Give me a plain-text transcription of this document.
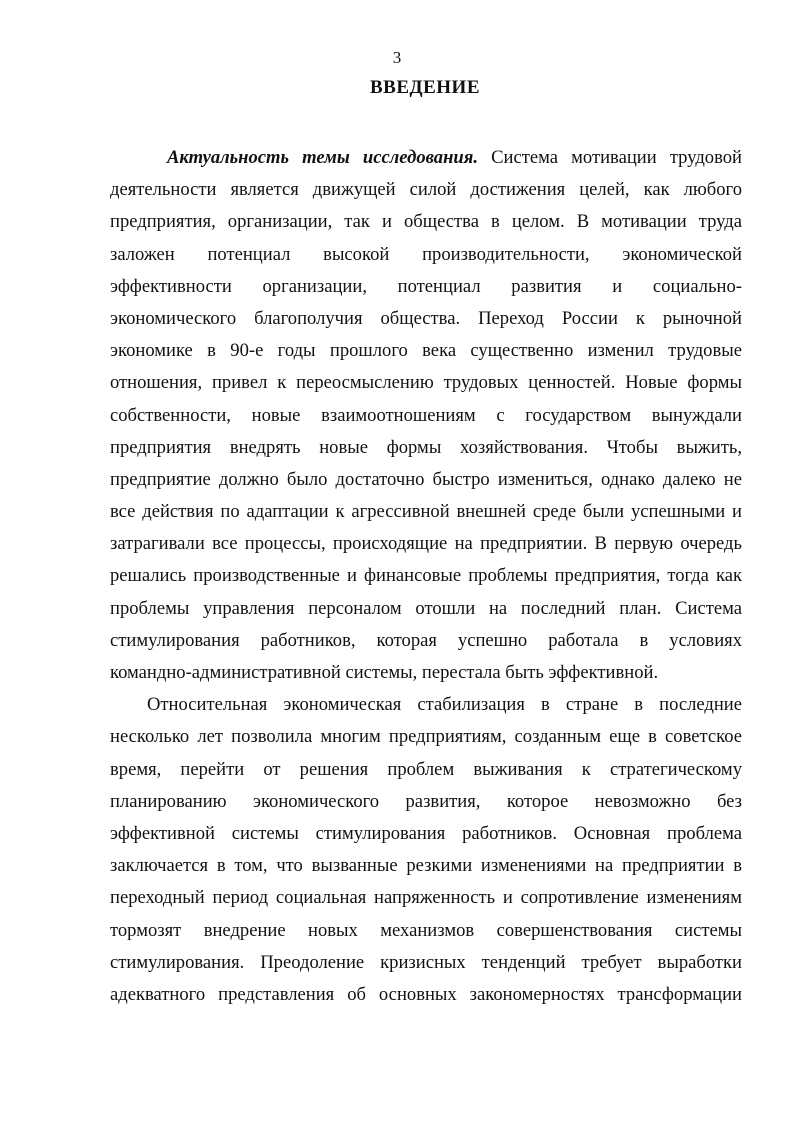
3
ВВЕДЕНИЕ
Актуальность темы исследования. Система мотивации трудовой
деятельности является движущей силой достижения целей, как любого
предприятия, организации, так и общества в целом. В мотивации труда
заложен потенциал высокой производительности, экономической
эффективности организации, потенциал развития и социально-
экономического благополучия общества. Переход России к рыночной
экономике в 90-е годы прошлого века существенно изменил трудовые
отношения, привел к переосмыслению трудовых ценностей. Новые формы
собственности, новые взаимоотношениям с государством вынуждали
предприятия внедрять новые формы хозяйствования. Чтобы выжить,
предприятие должно было достаточно быстро измениться, однако далеко не
все действия по адаптации к агрессивной внешней среде были успешными и
затрагивали все процессы, происходящие на предприятии. В первую очередь
решались производственные и финансовые проблемы предприятия, тогда как
проблемы управления персоналом отошли на последний план. Система
стимулирования работников, которая успешно работала в условиях
командно-административной системы, перестала быть эффективной.
Относительная экономическая стабилизация в стране в последние
несколько лет позволила многим предприятиям, созданным еще в советское
время, перейти от решения проблем выживания к стратегическому
планированию экономического развития, которое невозможно без
эффективной системы стимулирования работников. Основная проблема
заключается в том, что вызванные резкими изменениями на предприятии в
переходный период социальная напряженность и сопротивление изменениям
тормозят внедрение новых механизмов совершенствования системы
стимулирования. Преодоление кризисных тенденций требует выработки
адекватного представления об основных закономерностях трансформации
